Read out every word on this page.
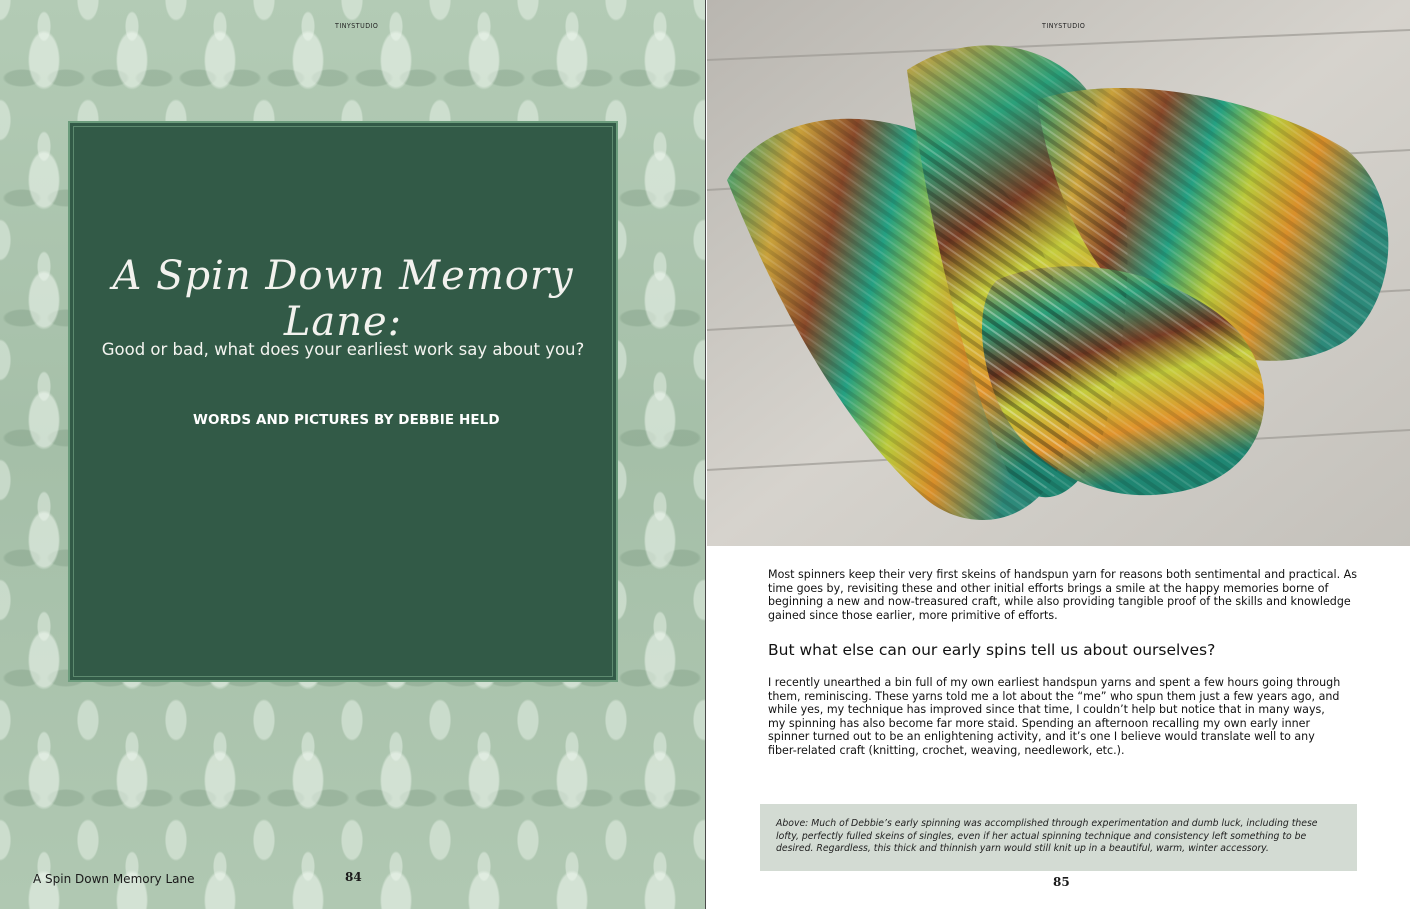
TINYSTUDIO
A Spin Down Memory Lane:
Good or bad, what does your earliest work say about you?
WORDS AND PICTURES BY DEBBIE HELD
A Spin Down Memory Lane	84
TINYSTUDIO

Most spinners keep their very first skeins of handspun yarn for reasons both sentimental and practical. As time goes by, revisiting these and other initial efforts brings a smile at the happy memories borne of beginning a new and now-treasured craft, while also providing tangible proof of the skills and knowledge gained since those earlier, more primitive of efforts.

But what else can our early spins tell us about ourselves?

I recently unearthed a bin full of my own earliest handspun yarns and spent a few hours going through them, reminiscing. These yarns told me a lot about the “me” who spun them just a few years ago, and while yes, my technique has improved since that time, I couldn’t help but notice that in many ways, my spinning has also become far more staid. Spending an afternoon recalling my own early inner spinner turned out to be an enlightening activity, and it’s one I believe would translate well to any fiber-related craft (knitting, crochet, weaving, needlework, etc.).

Above: Much of Debbie’s early spinning was accomplished through experimentation and dumb luck, including these lofty, perfectly fulled skeins of singles, even if her actual spinning technique and consistency left something to be desired. Regardless, this thick and thinnish yarn would still knit up in a beautiful, warm, winter accessory.
85
